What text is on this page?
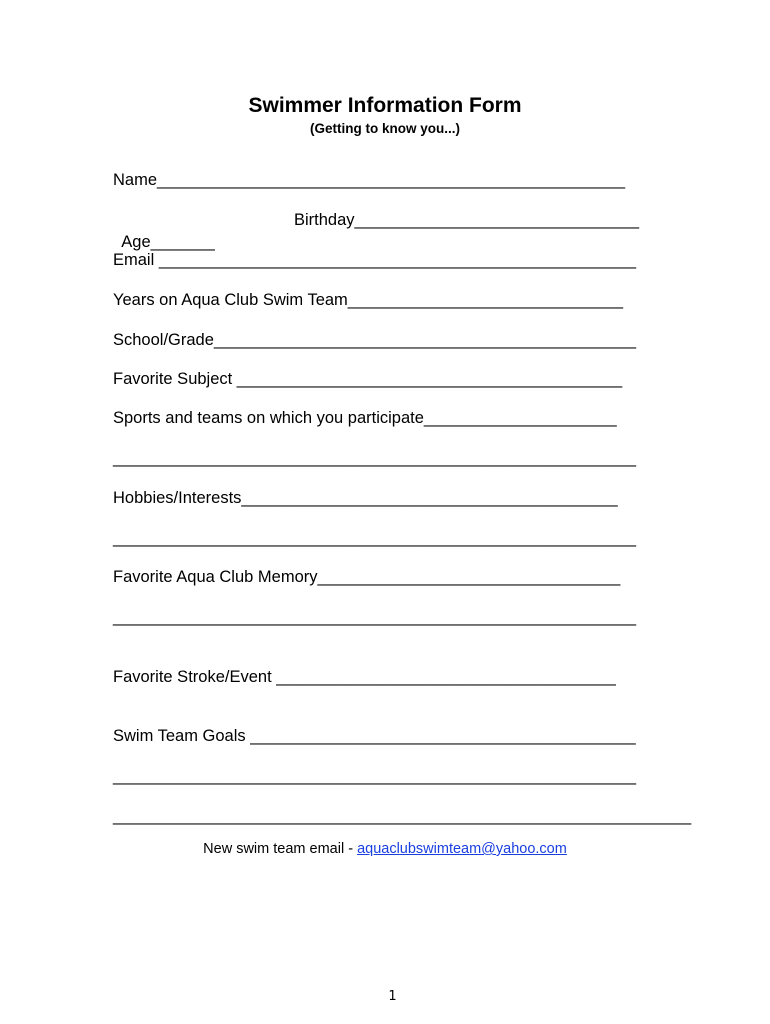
Swimmer Information Form
(Getting to know you...)
Name___________________________________________________

Age_______

Birthday_______________________________

Email ____________________________________________________
Years on Aqua Club Swim Team______________________________
School/Grade______________________________________________
Favorite Subject __________________________________________
Sports and teams on which you participate_____________________
_________________________________________________________
Hobbies/Interests_________________________________________
_________________________________________________________
Favorite Aqua Club Memory_________________________________
_________________________________________________________
Favorite Stroke/Event _____________________________________
Swim Team Goals __________________________________________
_________________________________________________________
_______________________________________________________________
New swim team email - aquaclubswimteam@yahoo.com
1
